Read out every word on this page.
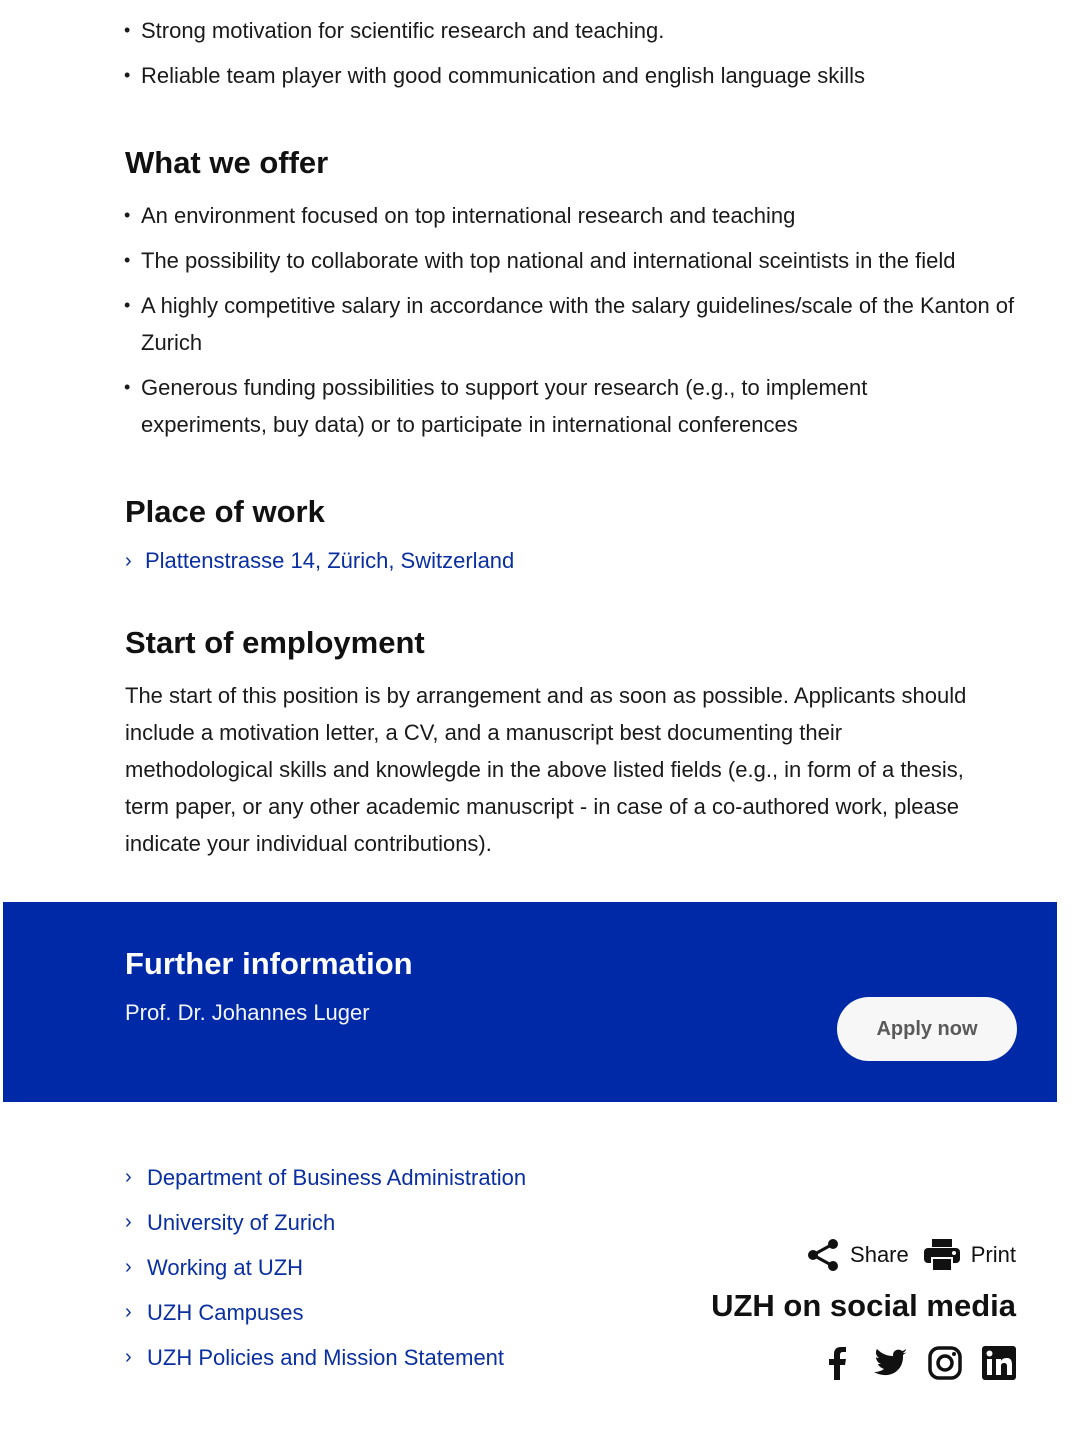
• Strong motivation for scientific research and teaching.
• Reliable team player with good communication and english language skills
What we offer
• An environment focused on top international research and teaching
• The possibility to collaborate with top national and international sceintists in the field
• A highly competitive salary in accordance with the salary guidelines/scale of the Kanton of Zurich
• Generous funding possibilities to support your research (e.g., to implement experiments, buy data) or to participate in international conferences
Place of work
› Plattenstrasse 14, Zürich, Switzerland
Start of employment

The start of this position is by arrangement and as soon as possible. Applicants should include a motivation letter, a CV, and a manuscript best documenting their methodological skills and knowlegde in the above listed fields (e.g., in form of a thesis, term paper, or any other academic manuscript - in case of a co-authored work, please indicate your individual contributions).

Further information
Prof. Dr. Johannes Luger
Apply now
› Department of Business Administration
› University of Zurich
› Working at UZH
› UZH Campuses
› UZH Policies and Mission Statement
Share	Print
UZH on social media
